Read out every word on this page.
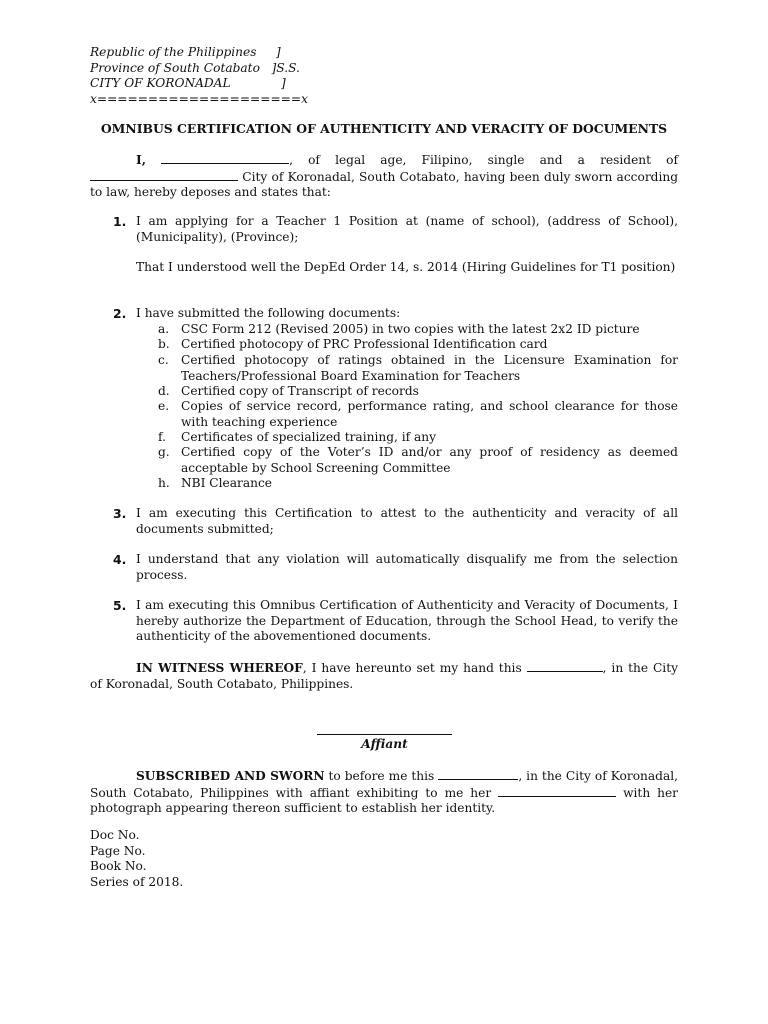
Republic of the Philippines     ]
Province of South Cotabato   ]S.S.
CITY OF KORONADAL             ]
x====================x
OMNIBUS CERTIFICATION OF AUTHENTICITY AND VERACITY OF DOCUMENTS
I,	, of legal age, Filipino, single and a resident of  City of Koronadal, South Cotabato, having been duly sworn according to law, hereby deposes and states that:
1. I am applying for a Teacher 1 Position at (name of school), (address of School), (Municipality), (Province);
That I understood well the DepEd Order 14, s. 2014 (Hiring Guidelines for T1 position)
2. I have submitted the following documents:
a. CSC Form 212 (Revised 2005) in two copies with the latest 2x2 ID picture
b. Certified photocopy of PRC Professional Identification card
c.	Certified photocopy of ratings obtained in the Licensure Examination for Teachers/Professional Board Examination for Teachers
d. Certified copy of Transcript of records
e. Copies of service record, performance rating, and school clearance for those with teaching experience
f.	Certificates of specialized training, if any
g. Certified copy of the Voter’s ID and/or any proof of residency as deemed acceptable by School Screening Committee
h. NBI Clearance
3. I am executing this Certification to attest to the authenticity and veracity of all documents submitted;
4. I understand that any violation will automatically disqualify me from the selection process.
5. I am executing this Omnibus Certification of Authenticity and Veracity of Documents, I hereby authorize the Department of Education, through the School Head, to verify the authenticity of the abovementioned documents.
IN WITNESS WHEREOF, I have hereunto set my hand this	, in the City of Koronadal, South Cotabato, Philippines.
Affiant
SUBSCRIBED AND SWORN to before me this	, in the City of Koronadal, South Cotabato, Philippines with affiant exhibiting to me her	with her photograph appearing thereon sufficient to establish her identity.
Doc No.
Page No.
Book No.
Series of 2018.
